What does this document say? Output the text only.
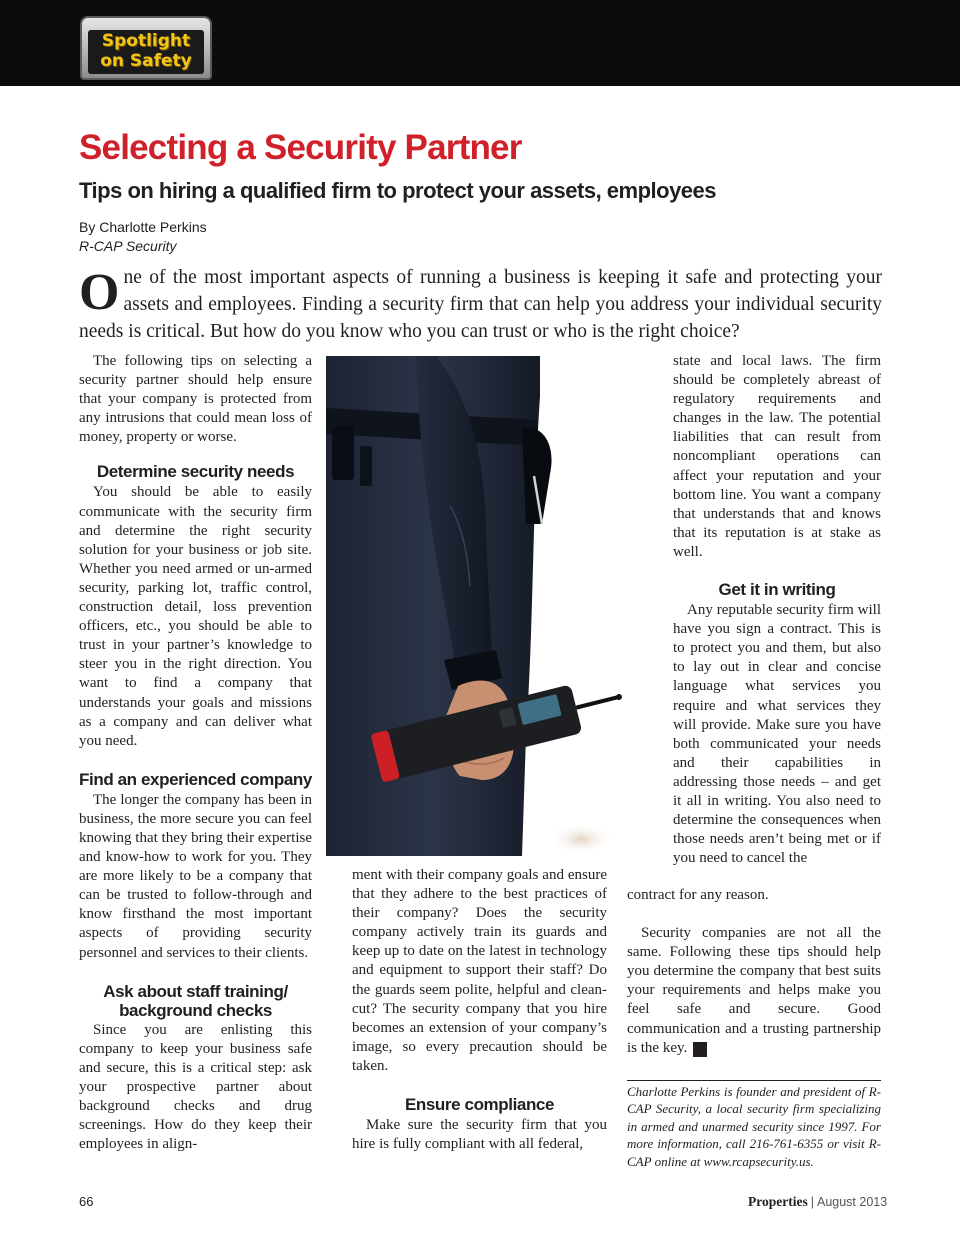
Spotlight
on Safety
Selecting a Security Partner
Tips on hiring a qualified firm to protect your assets, employees
By Charlotte Perkins
R-CAP Security
One of the most important aspects of running a business is keeping it safe and protecting your assets and employees. Finding a security firm that can help you address your individual security needs is critical. But how do you know who you can trust or who is the right choice?

The following tips on selecting a security partner should help ensure that your company is protected from any intrusions that could mean loss of money, property or worse.

Determine security needs

You should be able to easily communicate with the security firm and determine the right security solution for your business or job site. Whether you need armed or un-armed security, parking lot, traffic control, construction detail, loss prevention officers, etc., you should be able to trust in your partner’s knowledge to steer you in the right direction. You want to find a company that understands your goals and missions as a company and can deliver what you need.

Find an experienced company

The longer the company has been in business, the more secure you can feel knowing that they bring their expertise and know-how to work for you. They are more likely to be a company that can be trusted to follow-through and know firsthand the most important aspects of providing security personnel and services to their clients.

Ask about staff training/ background checks

Since you are enlisting this company to keep your business safe and secure, this is a critical step: ask your prospective partner about background checks and drug screenings. How do they keep their employees in align-

ment with their company goals and ensure that they adhere to the best practices of their company? Does the security company actively train its guards and keep up to date on the latest in technology and equipment to support their staff? Do the guards seem polite, helpful and clean-cut? The security company that you hire becomes an extension of your company’s image, so every precaution should be taken.

Ensure compliance

Make sure the security firm that you hire is fully compliant with all federal,

state and local laws. The firm should be completely abreast of regulatory requirements and changes in the law. The potential liabilities that can result from noncompliant operations can affect your reputation and your bottom line. You want a company that understands that and knows that its reputation is at stake as well.

Get it in writing

Any reputable security firm will have you sign a contract. This is to protect you and them, but also to lay out in clear and concise language what services you require and what services they will provide. Make sure you have both communicated your needs and their capabilities in addressing those needs – and get it all in writing. You also need to determine the consequences when those needs aren’t being met or if you need to cancel the

contract for any reason.

Security companies are not all the same. Following these tips should help you determine the company that best suits your requirements and helps make you feel safe and secure. Good communication and a trusting partnership is the key. P

Charlotte Perkins is founder and president of R-CAP Security, a local security firm specializing in armed and unarmed security since 1997. For more information, call 216-761-6355 or visit R-CAP online at www.rcapsecurity.us.
66	Properties | August 2013
